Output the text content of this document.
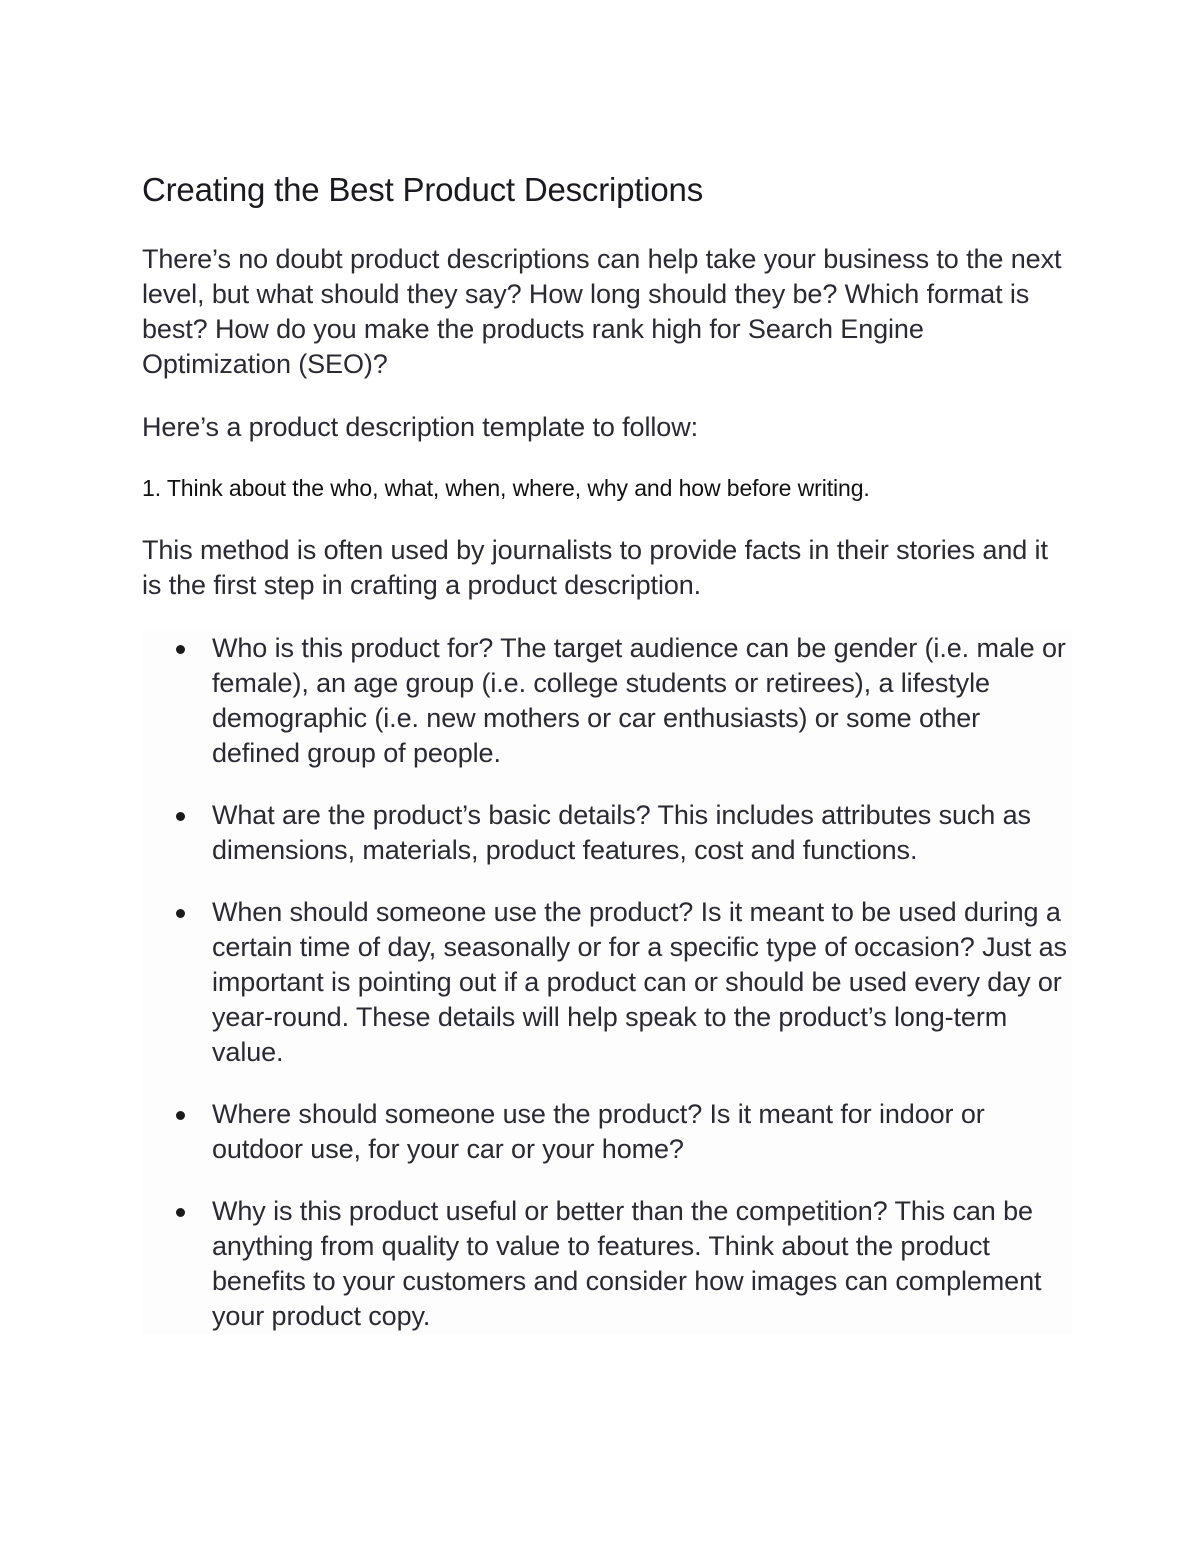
Creating the Best Product Descriptions

There’s no doubt product descriptions can help take your business to the next level, but what should they say? How long should they be? Which format is best? How do you make the products rank high for Search Engine Optimization (SEO)?

Here’s a product description template to follow:

1. Think about the who, what, when, where, why and how before writing.

This method is often used by journalists to provide facts in their stories and it is the first step in crafting a product description.

Who is this product for? The target audience can be gender (i.e. male or female), an age group (i.e. college students or retirees), a lifestyle demographic (i.e. new mothers or car enthusiasts) or some other defined group of people.
What are the product’s basic details? This includes attributes such as dimensions, materials, product features, cost and functions.
When should someone use the product? Is it meant to be used during a certain time of day, seasonally or for a specific type of occasion? Just as important is pointing out if a product can or should be used every day or year-round. These details will help speak to the product’s long-term value.
Where should someone use the product? Is it meant for indoor or outdoor use, for your car or your home?
Why is this product useful or better than the competition? This can be anything from quality to value to features. Think about the product benefits to your customers and consider how images can complement your product copy.
